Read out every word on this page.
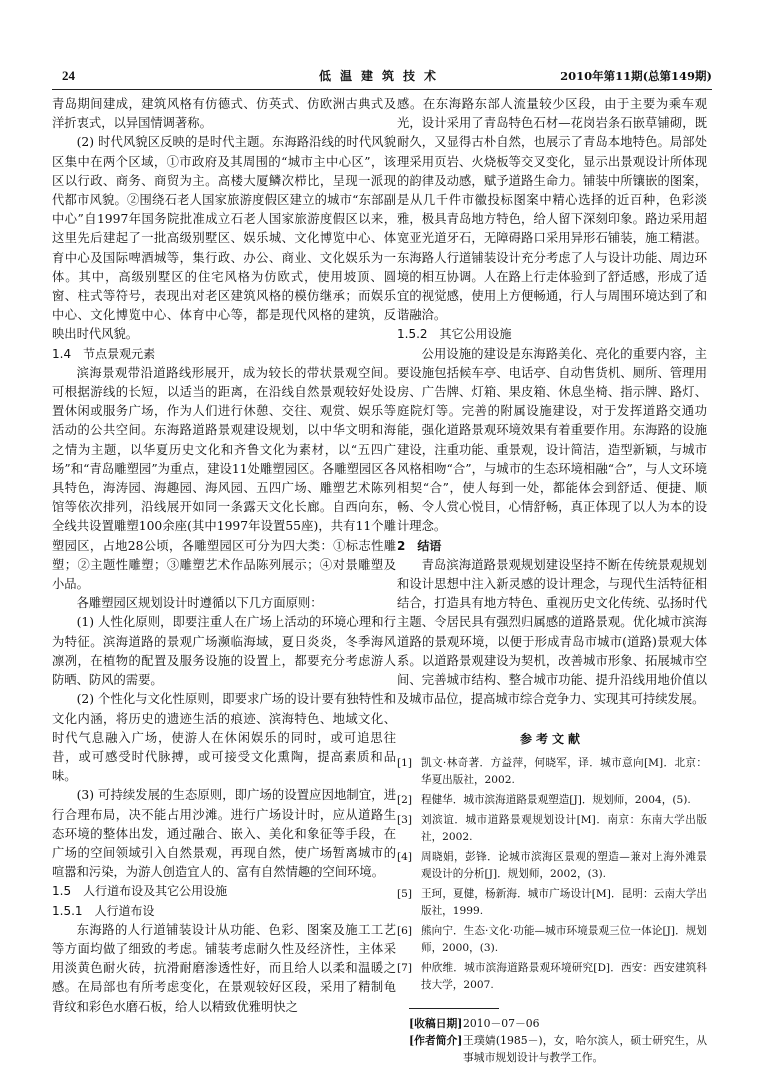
24	低温建筑技术	2010年第11期(总第149期)

青岛期间建成，建筑风格有仿德式、仿英式、仿欧洲古典式及洋折衷式，以异国情调著称。

(2) 时代风貌区反映的是时代主题。东海路沿线的时代风貌区集中在两个区域，①市政府及其周围的“城市主中心区”，该区以行政、商务、商贸为主。高楼大厦鳞次栉比，呈现一派现代都市风貌。②围绕石老人国家旅游度假区建立的城市“东部副中心”自1997年国务院批准成立石老人国家旅游度假区以来，这里先后建起了一批高级别墅区、娱乐城、文化博览中心、体育中心及国际啤酒城等，集行政、办公、商业、文化娱乐为一体。其中，高级别墅区的住宅风格为仿欧式，使用坡顶、圆窗、柱式等符号，表现出对老区建筑风格的模仿继承；而娱乐中心、文化博览中心、体育中心等，都是现代风格的建筑，反映出时代风貌。

1.4　节点景观元素

滨海景观带沿道路线形展开，成为较长的带状景观空间。可根据游线的长短，以适当的距离，在沿线自然景观较好处设置休闲或服务广场，作为人们进行休憩、交往、观赏、娱乐等活动的公共空间。东海路道路景观建设规划，以中华文明和海之情为主题，以华夏历史文化和齐鲁文化为素材，以“五四广场”和“青岛雕塑园”为重点，建设11处雕塑园区。各雕塑园区各具特色，海涛园、海趣园、海风园、五四广场、雕塑艺术陈列馆等依次排列，沿线展开如同一条露天文化长廊。自西向东，全线共设置雕塑100余座(其中1997年设置55座)，共有11个雕塑园区，占地28公顷，各雕塑园区可分为四大类：①标志性雕塑；②主题性雕塑；③雕塑艺术作品陈列展示；④对景雕塑及小品。

各雕塑园区规划设计时遵循以下几方面原则：

(1) 人性化原则，即要注重人在广场上活动的环境心理和行为特征。滨海道路的景观广场濒临海域，夏日炎炎，冬季海风凛冽，在植物的配置及服务设施的设置上，都要充分考虑游人防晒、防风的需要。

(2) 个性化与文化性原则，即要求广场的设计要有独特性和文化内涵，将历史的遗迹生活的痕迹、滨海特色、地域文化、时代气息融入广场，使游人在休闲娱乐的同时，或可追思往昔，或可感受时代脉搏，或可接受文化熏陶，提高素质和品味。

(3) 可持续发展的生态原则，即广场的设置应因地制宜，进行合理布局，决不能占用沙滩。进行广场设计时，应从道路生态环境的整体出发，通过融合、嵌入、美化和象征等手段，在广场的空间领域引入自然景观，再现自然，使广场暂离城市的喧嚣和污染，为游人创造宜人的、富有自然情趣的空间环境。

1.5　人行道布设及其它公用设施
1.5.1　人行道布设

东海路的人行道铺装设计从功能、色彩、图案及施工工艺等方面均做了细致的考虑。铺装考虑耐久性及经济性，主体采用淡黄色耐火砖，抗滑耐磨渗透性好，而且给人以柔和温暖之感。在局部也有所考虑变化，在景观较好区段，采用了精制龟背纹和彩色水磨石板，给人以精致优雅明快之

感。在东海路东部人流量较少区段，由于主要为乘车观光，设计采用了青岛特色石材—花岗岩条石嵌草铺砌，既耐久，又显得古朴自然，也展示了青岛本地特色。局部处理采用页岩、火烧板等交叉变化，显示出景观设计所体现的韵律及动感，赋予道路生命力。铺装中所镶嵌的图案，是从几千件市徽投标图案中精心选择的近百种，色彩淡雅，极具青岛地方特色，给人留下深刻印象。路边采用超宽亚光道牙石，无障碍路口采用异形石铺装，施工精湛。东海路人行道铺装设计充分考虑了人与设计功能、周边环境的相互协调。人在路上行走体验到了舒适感，形成了适宜的视觉感，使用上方便畅通，行人与周围环境达到了和谐融洽。

1.5.2　其它公用设施

公用设施的建设是东海路美化、亮化的重要内容，主要设施包括候车亭、电话亭、自动售货机、厕所、管理用房、广告牌、灯箱、果皮箱、休息坐椅、指示牌、路灯、庭院灯等。完善的附属设施建设，对于发挥道路交通功能，强化道路景观环境效果有着重要作用。东海路的设施建设，注重功能、重景观，设计简洁，造型新颖，与城市风格相吻“合”，与城市的生态环境相融“合”，与人文环境相契“合”，使人每到一处，都能体会到舒适、便捷、顺畅、令人赏心悦目，心情舒畅，真正体现了以人为本的设计理念。

2　结语

青岛滨海道路景观规划建设坚持不断在传统景观规划和设计思想中注入新灵感的设计理念，与现代生活特征相结合，打造具有地方特色、重视历史文化传统、弘扬时代主题、令居民具有强烈归属感的道路景观。优化城市滨海道路的景观环境，以便于形成青岛市城市(道路)景观大体系。以道路景观建设为契机，改善城市形象、拓展城市空间、完善城市结构、整合城市功能、提升沿线用地价值以及城市品位，提高城市综合竞争力、实现其可持续发展。

参考文献
[1] 凯文·林奇著．方益萍，何晓军，译．城市意向[M]．北京：华夏出版社，2002.
[2] 程健华．城市滨海道路景观塑造[J]．规划师，2004，(5).
[3] 刘滨谊．城市道路景观规划设计[M]．南京：东南大学出版社，2002.
[4] 周晓娟，彭锋．论城市滨海区景观的塑造—兼对上海外滩景观设计的分析[J]．规划师，2002，(3).
[5] 王珂，夏健，杨新海．城市广场设计[M]．昆明：云南大学出版社，1999.
[6] 熊向宁．生态·文化·功能—城市环境景观三位一体论[J]．规划师，2000，(3).
[7] 仲欣维．城市滨海道路景观环境研究[D]．西安：西安建筑科技大学，2007.
[收稿日期] 2010－07－06
[作者简介] 王璞婧(1985－)，女，哈尔滨人，硕士研究生，从事城市规划设计与教学工作。
